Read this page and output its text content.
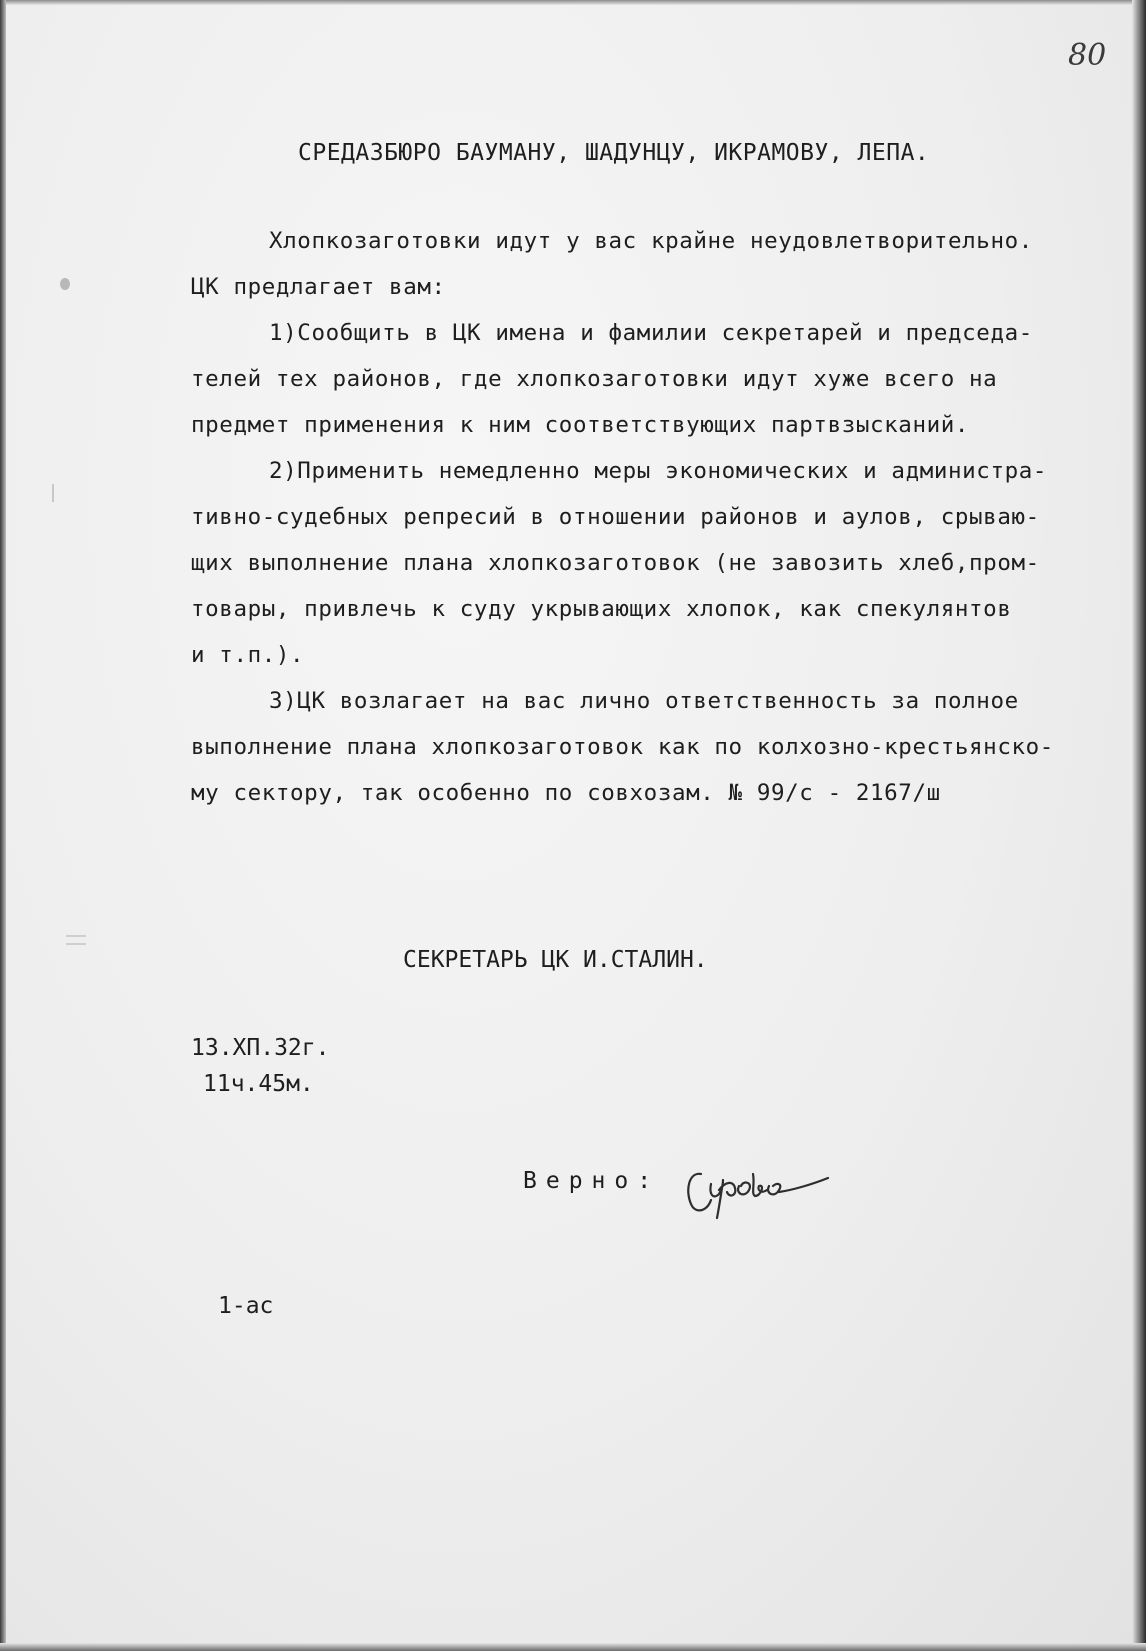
80
СРЕДАЗБЮРО БАУМАНУ, ШАДУНЦУ, ИКРАМОВУ, ЛЕПА.
Хлопкозаготовки идут у вас крайне неудовлетворительно.
ЦК предлагает вам:
1)Сообщить в ЦК имена и фамилии секретарей и председа-
телей тех районов, где хлопкозаготовки идут хуже всего на
предмет применения к ним соответствующих партвзысканий.
2)Применить немедленно меры экономических и администра-
тивно-судебных репресий в отношении районов и аулов, срываю-
щих выполнение плана хлопкозаготовок (не завозить хлеб,пром-
товары, привлечь к суду укрывающих хлопок, как спекулянтов
и т.п.).
3)ЦК возлагает на вас лично ответственность за полное
выполнение плана хлопкозаготовок как по колхозно-крестьянско-
му сектору, так особенно по совхозам. № 99/с - 2167/ш
СЕКРЕТАРЬ ЦК И.СТАЛИН.
13.ХП.32г.
11ч.45м.
Верно:
1-ас
